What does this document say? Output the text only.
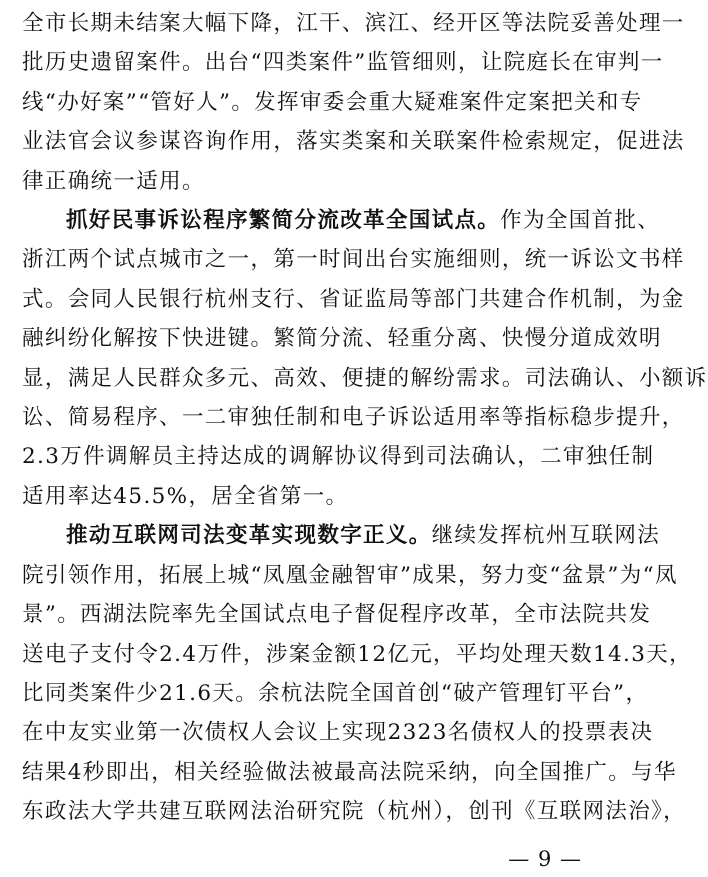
全市长期未结案大幅下降，江干、滨江、经开区等法院妥善处理一
批历史遗留案件。出台“四类案件”监管细则，让院庭长在审判一
线“办好案”“管好人”。发挥审委会重大疑难案件定案把关和专
业法官会议参谋咨询作用，落实类案和关联案件检索规定，促进法
律正确统一适用。

抓好民事诉讼程序繁简分流改革全国试点。作为全国首批、
浙江两个试点城市之一，第一时间出台实施细则，统一诉讼文书样
式。会同人民银行杭州支行、省证监局等部门共建合作机制，为金
融纠纷化解按下快进键。繁简分流、轻重分离、快慢分道成效明
显，满足人民群众多元、高效、便捷的解纷需求。司法确认、小额诉
讼、简易程序、一二审独任制和电子诉讼适用率等指标稳步提升，
2.3万件调解员主持达成的调解协议得到司法确认，二审独任制
适用率达45.5%，居全省第一。

推动互联网司法变革实现数字正义。继续发挥杭州互联网法
院引领作用，拓展上城“凤凰金融智审”成果，努力变“盆景”为“凤
景”。西湖法院率先全国试点电子督促程序改革，全市法院共发
送电子支付令2.4万件，涉案金额12亿元，平均处理天数14.3天，
比同类案件少21.6天。余杭法院全国首创“破产管理钉平台”，
在中友实业第一次债权人会议上实现2323名债权人的投票表决
结果4秒即出，相关经验做法被最高法院采纳，向全国推广。与华
东政法大学共建互联网法治研究院（杭州），创刊《互联网法治》，

— 9 —
